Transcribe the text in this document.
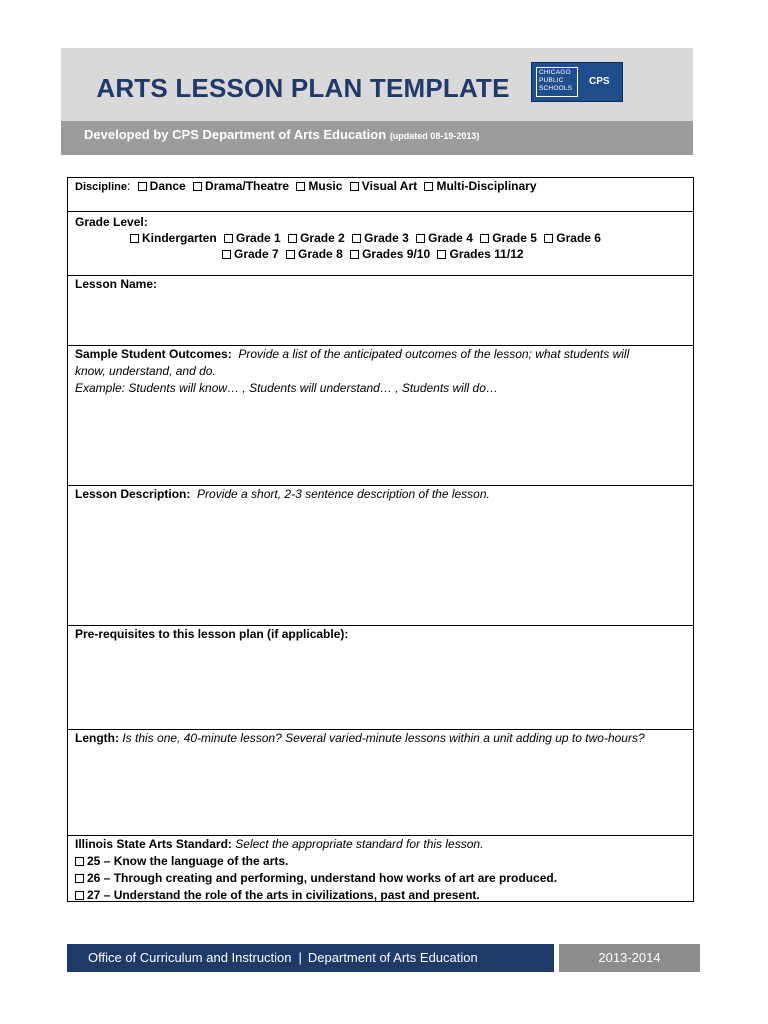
ARTS LESSON PLAN TEMPLATE
CHICAGO
PUBLIC
SCHOOLS
CPS
Developed by CPS Department of Arts Education (updated 08-19-2013)
Discipline: Dance Drama/Theatre Music Visual Art Multi-Disciplinary
Grade Level:
Kindergarten Grade 1 Grade 2 Grade 3 Grade 4 Grade 5 Grade 6
Grade 7 Grade 8 Grades 9/10 Grades 11/12
Lesson Name:
Sample Student Outcomes: Provide a list of the anticipated outcomes of the lesson; what students will
know, understand, and do.
Example: Students will know… , Students will understand… , Students will do…
Lesson Description: Provide a short, 2-3 sentence description of the lesson.
Pre-requisites to this lesson plan (if applicable):
Length: Is this one, 40-minute lesson? Several varied-minute lessons within a unit adding up to two-hours?
Illinois State Arts Standard: Select the appropriate standard for this lesson.
25 – Know the language of the arts.
26 – Through creating and performing, understand how works of art are produced.
27 – Understand the role of the arts in civilizations, past and present.
Office of Curriculum and Instruction | Department of Arts Education	2013-2014
